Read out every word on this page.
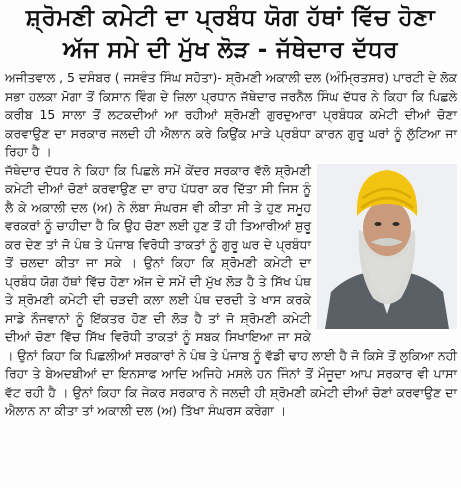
ਸ਼੍ਰੋਮਣੀ ਕਮੇਟੀ ਦਾ ਪ੍ਰਬੰਧ ਯੋਗ ਹੱਥਾਂ ਵਿੱਚ ਹੋਣਾ
ਅੱਜ ਸਮੇ ਦੀ ਮੁੱਖ ਲੋੜ - ਜੱਥੇਦਾਰ ਦੱਧਰ

ਅਜੀਤਵਾਲ , 5 ਦਸੰਬਰ ( ਜਸਵੰਤ ਸਿੰਘ ਸਹੋਤਾ)- ਸ਼੍ਰੋਮਣੀ ਅਕਾਲੀ ਦਲ (ਅੰਮ੍ਰਿਤਸਰ) ਪਾਰਟੀ ਦੇ ਲੋਕ ਸਭਾ ਹਲਕਾ ਮੋਗਾ ਤੋਂ ਕਿਸਾਨ ਵਿੰਗ ਦੇ ਜ਼ਿਲਾ ਪ੍ਰਧਾਨ ਜੱਥੇਦਾਰ ਜਰਨੈਲ ਸਿੰਘ ਦੱਧਰ ਨੇ ਕਿਹਾ ਕਿ ਪਿਛਲੇ ਕਰੀਬ 15 ਸਾਲਾ ਤੋਂ ਲਟਕਦੀਆਂ ਆ ਰਹੀਆਂ ਸ਼੍ਰੋਮਣੀ ਗੁਰਦੁਆਰਾ ਪ੍ਰਬੰਧਕ ਕਮੇਟੀ ਦੀਆਂ ਚੋਣਾ ਕਰਵਾਉਣ ਦਾ ਸਰਕਾਰ ਜਲਦੀ ਹੀ ਐਲਾਨ ਕਰੇ ਕਿਉਂਕ ਮਾੜੇ ਪ੍ਰਬੰਧਾ ਕਾਰਨ ਗੁਰੂ ਘਰਾਂ ਨੂੰ ਲੁੱਟਿਆ ਜਾ ਰਿਹਾ ਹੈ ।

ਜੱਥੇਦਾਰ ਦੱਧਰ ਨੇ ਕਿਹਾ ਕਿ ਪਿਛਲੇ ਸਮੇਂ ਕੇਂਦਰ ਸਰਕਾਰ ਵੱਲੋ ਸ਼੍ਰੋਮਣੀ ਕਮੇਟੀ ਦੀਆਂ ਚੋਣਾਂ ਕਰਵਾਉਣ ਦਾ ਰਾਹ ਪੱਧਰਾ ਕਰ ਦਿੱਤਾ ਸੀ ਜਿਸ ਨੂੰ ਲੈ ਕੇ ਅਕਾਲੀ ਦਲ (ਅ) ਨੇ ਲੰਬਾ ਸੰਘਰਸ ਵੀ ਕੀਤਾ ਸੀ ਤੇ ਹੁਣ ਸਮੂਹ ਵਰਕਰਾਂ ਨੂੰ ਚਾਹੀਦਾ ਹੈ ਕਿ ਉਹ ਚੋਣਾ ਲਈ ਹੁਣ ਤੋਂ ਹੀ ਤਿਆਰੀਆਂ ਸ਼ੁਰੂ ਕਰ ਦੇਣ ਤਾਂ ਜੋ ਪੰਥ ਤੇ ਪੰਜਾਬ ਵਿਰੋਧੀ ਤਾਕਤਾਂ ਨੂੰ ਗੁਰੂ ਘਰ ਦੇ ਪ੍ਰਬੰਧਾ ਤੋਂ ਚਲਦਾ ਕੀਤਾ ਜਾ ਸਕੇ । ਉਨਾਂ ਕਿਹਾ ਕਿ ਸ਼੍ਰੋਮਣੀ ਕਮੇਟੀ ਦਾ ਪ੍ਰਬੰਧ ਯੋਗ ਹੱਥਾਂ ਵਿੱਚ ਹੋਣਾ ਅੱਜ ਦੇ ਸਮੇਂ ਦੀ ਮੁੱਖ ਲੋੜ ਹੈ ਤੇ ਸਿੱਖ ਪੰਥ ਤੇ ਸ਼੍ਰੋਮਣੀ ਕਮੇਟੀ ਦੀ ਚੜਦੀ ਕਲਾ ਲਈ ਪੰਥ ਦਰਦੀ ਤੇ ਖਾਸ ਕਰਕੇ ਸਾਡੇ ਨੌਜਵਾਨਾਂ ਨੂੰ ਇੱਕਤਰ ਹੋਣ ਦੀ ਲੋੜ ਹੈ ਤਾਂ ਜੋ ਸ਼੍ਰੋਮਣੀ ਕਮੇਟੀ ਦੀਆਂ ਚੋਣਾ ਵਿੱਚ ਸਿੱਖ ਵਿਰੋਧੀ ਤਾਕਤਾਂ ਨੂੰ ਸਬਕ ਸਿਖਾਇਆ ਜਾ ਸਕੇ । ਉਨਾਂ ਕਿਹਾ ਕਿ ਪਿਛਲੀਆਂ ਸਰਕਾਰਾਂ ਨੇ ਪੰਥ ਤੇ ਪੰਜਾਬ ਨੂੰ ਵੱਡੀ ਢਾਹ ਲਾਈ ਹੈ ਜੋ ਕਿਸੇ ਤੋਂ ਲੁਕਿਆ ਨਹੀ ਰਿਹਾ ਤੇ ਬੇਅਦਬੀਆਂ ਦਾ ਇਨਸਾਫ ਆਦਿ ਅਜਿਹੇ ਮਸਲੇ ਹਨ ਜਿੰਨਾਂ ਤੋਂ ਮੌਜੂਦਾ ਆਪ ਸਰਕਾਰ ਵੀ ਪਾਸਾ ਵੱਟ ਰਹੀ ਹੈ । ਉਨਾਂ ਕਿਹਾ ਕਿ ਜੇਕਰ ਸਰਕਾਰ ਨੇ ਜਲਦੀ ਹੀ ਸ਼੍ਰੋਮਣੀ ਕਮੇਟੀ ਦੀਆਂ ਚੋਣਾਂ ਕਰਵਾਉਣ ਦਾ ਐਲਾਨ ਨਾ ਕੀਤਾ ਤਾਂ ਅਕਾਲੀ ਦਲ (ਅ) ਤਿੱਖਾ ਸੰਘਰਸ ਕਰੇਗਾ ।
